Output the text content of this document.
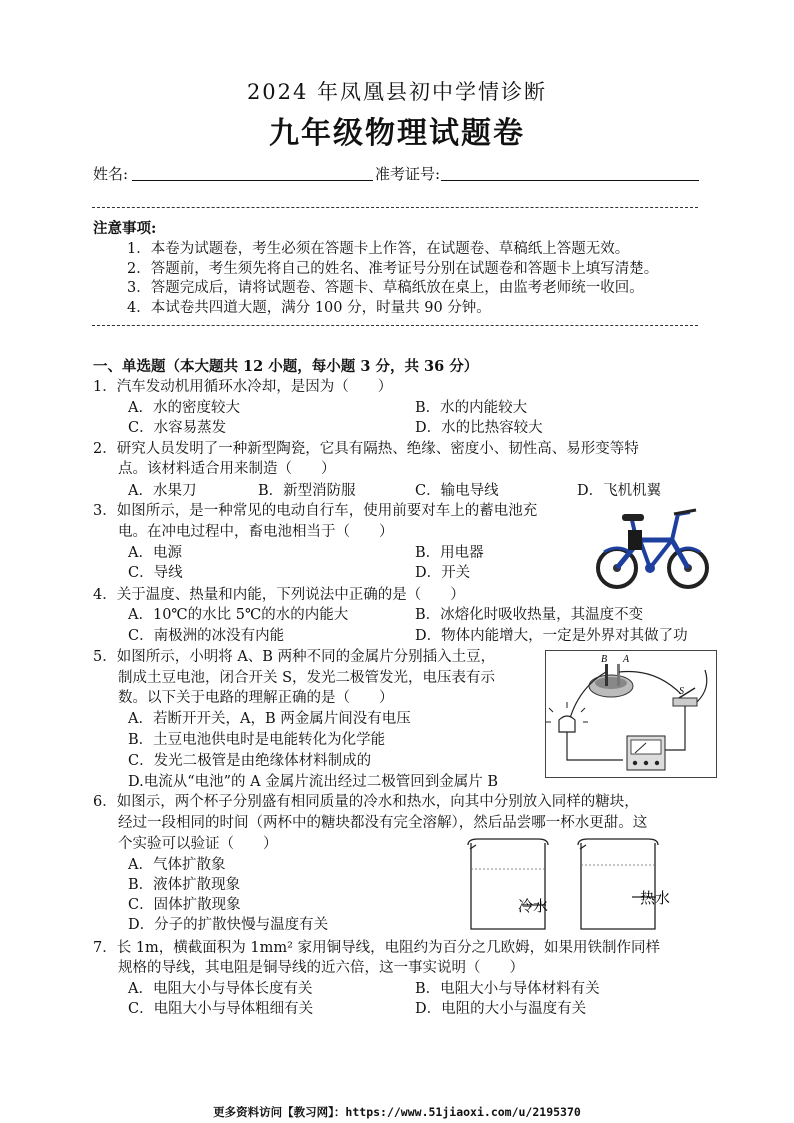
2024 年凤凰县初中学情诊断
九年级物理试题卷
姓名:	准考证号:
注意事项:
1．本卷为试题卷，考生必须在答题卡上作答，在试题卷、草稿纸上答题无效。
2．答题前，考生须先将自己的姓名、准考证号分别在试题卷和答题卡上填写清楚。
3．答题完成后，请将试题卷、答题卡、草稿纸放在桌上，由监考老师统一收回。
4．本试卷共四道大题，满分 100 分，时量共 90 分钟。
一、单选题（本大题共 12 小题，每小题 3 分，共 36 分）
1．汽车发动机用循环水冷却，是因为（　　）
A．水的密度较大	B．水的内能较大
C．水容易蒸发	D．水的比热容较大
2．研究人员发明了一种新型陶瓷，它具有隔热、绝缘、密度小、韧性高、易形变等特
点。该材料适合用来制造（　　）
A．水果刀	B．新型消防服	C．输电导线	D．飞机机翼
3．如图所示，是一种常见的电动自行车，使用前要对车上的蓄电池充
电。在冲电过程中，畜电池相当于（　　）
A．电源	B．用电器
C．导线	D．开关
4．关于温度、热量和内能，下列说法中正确的是（　　）
A．10℃的水比 5℃的水的内能大	B．冰熔化时吸收热量，其温度不变
C．南极洲的冰没有内能	D．物体内能增大，一定是外界对其做了功
5．如图所示，小明将 A、B 两种不同的金属片分别插入土豆，
制成土豆电池，闭合开关 S，发光二极管发光，电压表有示
数。以下关于电路的理解正确的是（　　）
A．若断开开关，A，B 两金属片间没有电压
B．土豆电池供电时是电能转化为化学能
C．发光二极管是由绝缘体材料制成的
D.电流从“电池”的 A 金属片流出经过二极管回到金属片 B
B A
S
6．如图示，两个杯子分别盛有相同质量的冷水和热水，向其中分别放入同样的糖块，
经过一段相同的时间（两杯中的糖块都没有完全溶解），然后品尝哪一杯水更甜。这
个实验可以验证（　　）
A．气体扩散象
B．液体扩散现象
C．固体扩散现象
D．分子的扩散快慢与温度有关
冷水	热水
7．长 1m，横截面积为 1mm² 家用铜导线，电阻约为百分之几欧姆，如果用铁制作同样
规格的导线，其电阻是铜导线的近六倍，这一事实说明（　　）
A．电阻大小与导体长度有关	B．电阻大小与导体材料有关
C．电阻大小与导体粗细有关	D．电阻的大小与温度有关
更多资料访问【教习网】：https://www.51jiaoxi.com/u/2195370
